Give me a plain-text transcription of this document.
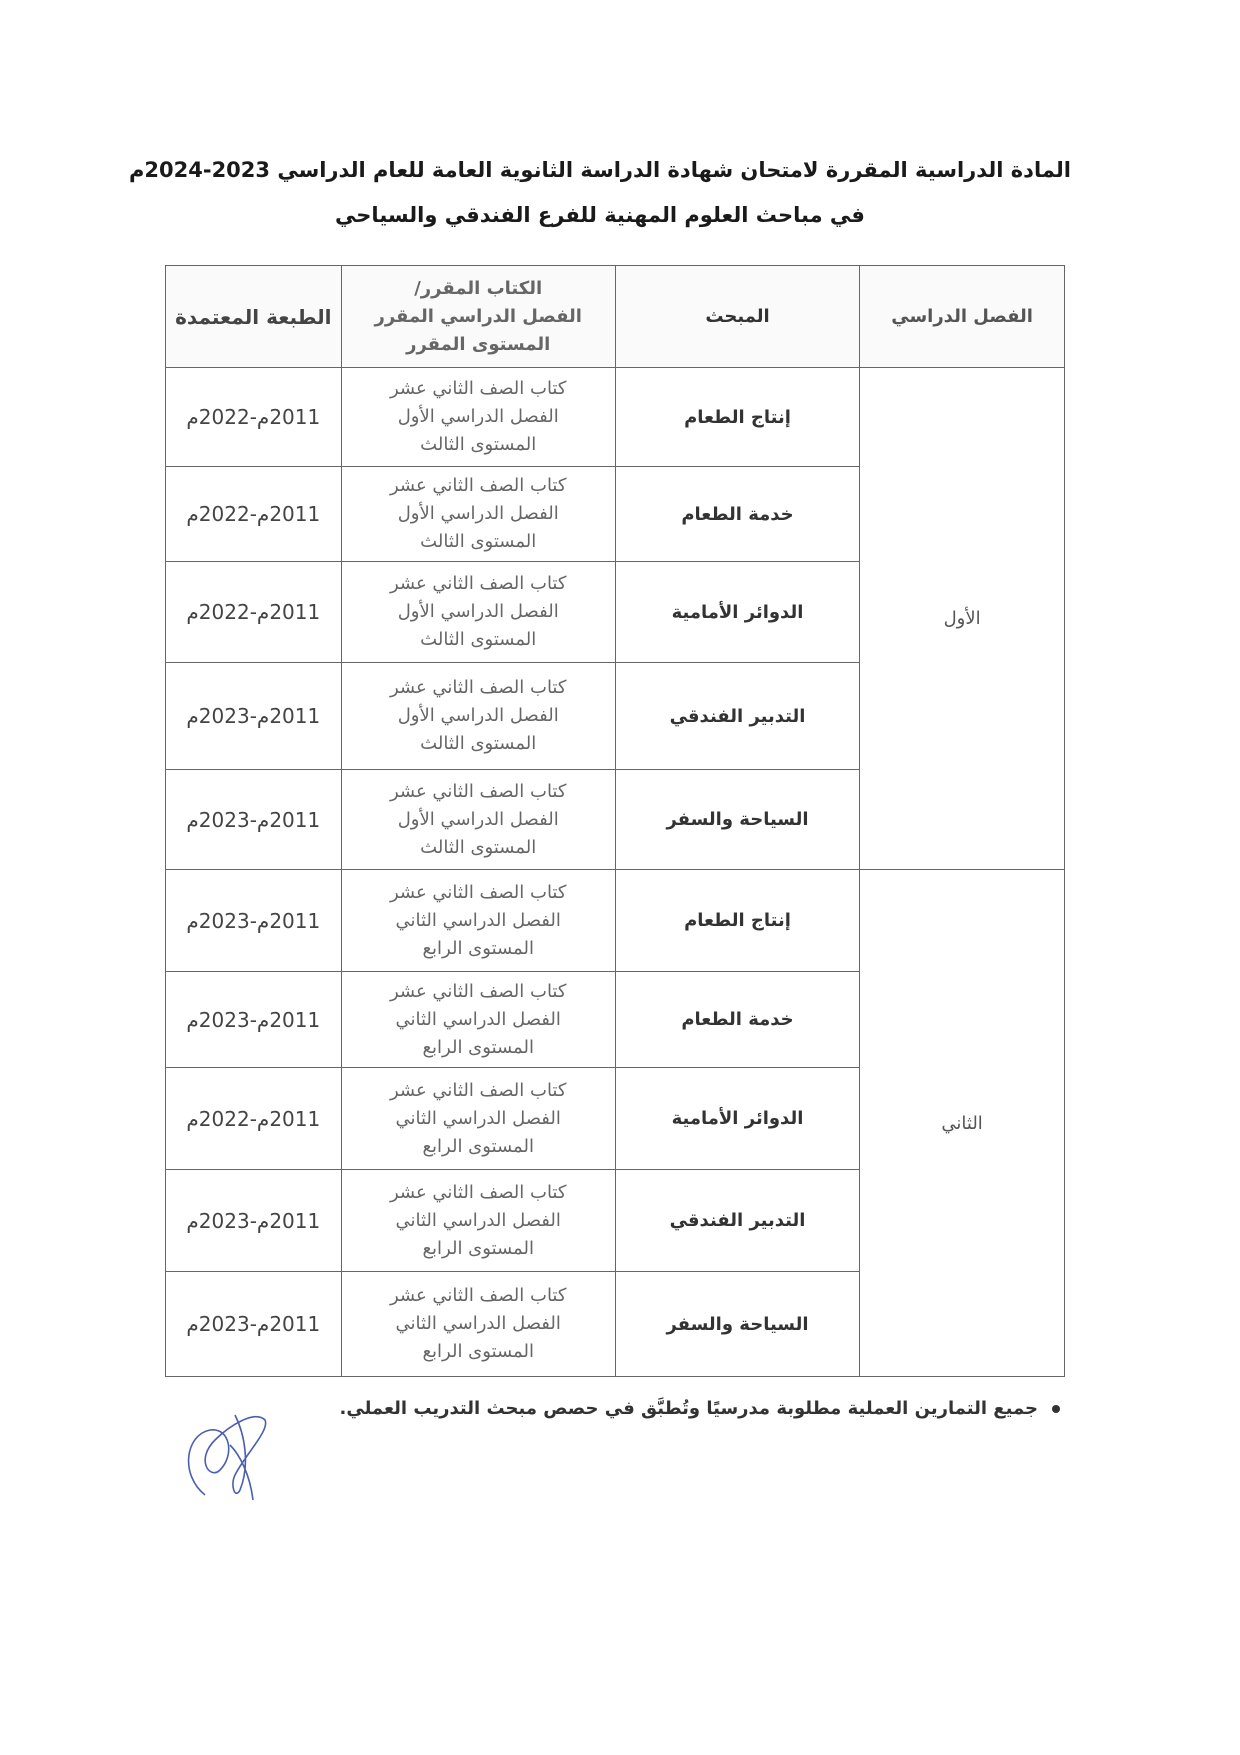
المادة الدراسية المقررة لامتحان شهادة الدراسة الثانوية العامة للعام الدراسي 2023-2024م
في مباحث العلوم المهنية للفرع الفندقي والسياحي
الفصل الدراسي	المبحث	الكتاب المقرر/
الفصل الدراسي المقرر
المستوى المقرر	الطبعة المعتمدة
الأول	إنتاج الطعام	كتاب الصف الثاني عشر
الفصل الدراسي الأول
المستوى الثالث	2011م-2022م
	خدمة الطعام	كتاب الصف الثاني عشر
الفصل الدراسي الأول
المستوى الثالث	2011م-2022م
	الدوائر الأمامية	كتاب الصف الثاني عشر
الفصل الدراسي الأول
المستوى الثالث	2011م-2022م
	التدبير الفندقي	كتاب الصف الثاني عشر
الفصل الدراسي الأول
المستوى الثالث	2011م-2023م
	السياحة والسفر	كتاب الصف الثاني عشر
الفصل الدراسي الأول
المستوى الثالث	2011م-2023م
الثاني	إنتاج الطعام	كتاب الصف الثاني عشر
الفصل الدراسي الثاني
المستوى الرابع	2011م-2023م
	خدمة الطعام	كتاب الصف الثاني عشر
الفصل الدراسي الثاني
المستوى الرابع	2011م-2023م
	الدوائر الأمامية	كتاب الصف الثاني عشر
الفصل الدراسي الثاني
المستوى الرابع	2011م-2022م
	التدبير الفندقي	كتاب الصف الثاني عشر
الفصل الدراسي الثاني
المستوى الرابع	2011م-2023م
	السياحة والسفر	كتاب الصف الثاني عشر
الفصل الدراسي الثاني
المستوى الرابع	2011م-2023م
جميع التمارين العملية مطلوبة مدرسيًا وتُطبَّق في حصص مبحث التدريب العملي.
